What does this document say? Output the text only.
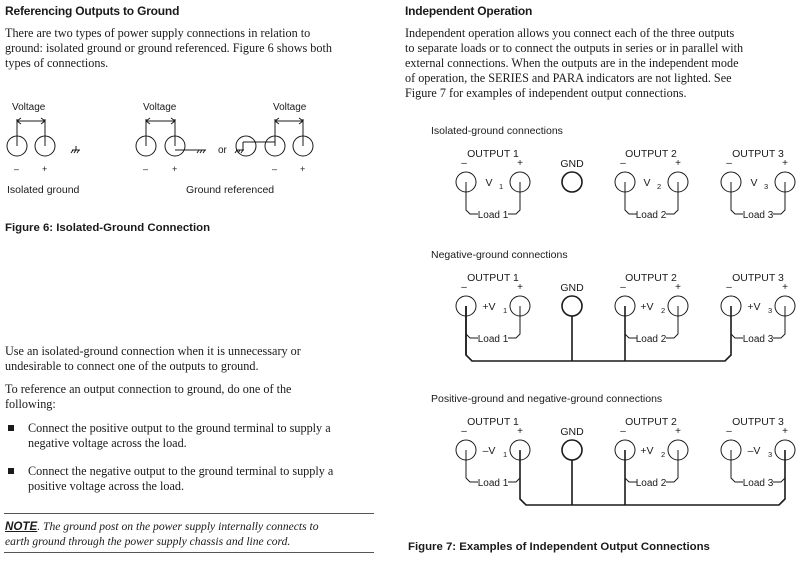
Referencing Outputs to Ground
There are two types of power supply connections in relation to
ground: isolated ground or ground referenced. Figure 6 shows both
types of connections.
Voltage	Voltage	Voltage
–	+	–	+	–	+
or
Isolated ground	Ground referenced
Figure 6: Isolated-Ground Connection
Use an isolated-ground connection when it is unnecessary or
undesirable to connect one of the outputs to ground.
To reference an output connection to ground, do one of the
following:
Connect the positive output to the ground terminal to supply a
negative voltage across the load.
Connect the negative output to the ground terminal to supply a
positive voltage across the load.
NOTE. The ground post on the power supply internally connects to
earth ground through the power supply chassis and line cord.
Independent Operation
Independent operation allows you connect each of the three outputs
to separate loads or to connect the outputs in series or in parallel with
external connections. When the outputs are in the independent mode
of operation, the SERIES and PARA indicators are not lighted. See
Figure 7 for examples of independent output connections.
Isolated-ground connections
OUTPUT 1	OUTPUT 2	OUTPUT 3
GND
–	+
Load 1
V 1
–	+
Load 2
V 2
–	+
Load 3
V 3
Negative-ground connections
OUTPUT 1	OUTPUT 2	OUTPUT 3
GND
–	+
Load 1
+V 1
–	+
Load 2
+V 2
–	+
Load 3
+V 3
Positive-ground and negative-ground connections
OUTPUT 1	OUTPUT 2	OUTPUT 3
GND
–	+
Load 1
–V 1
–	+
Load 2
+V 2
–	+
Load 3
–V 3
Figure 7: Examples of Independent Output Connections
